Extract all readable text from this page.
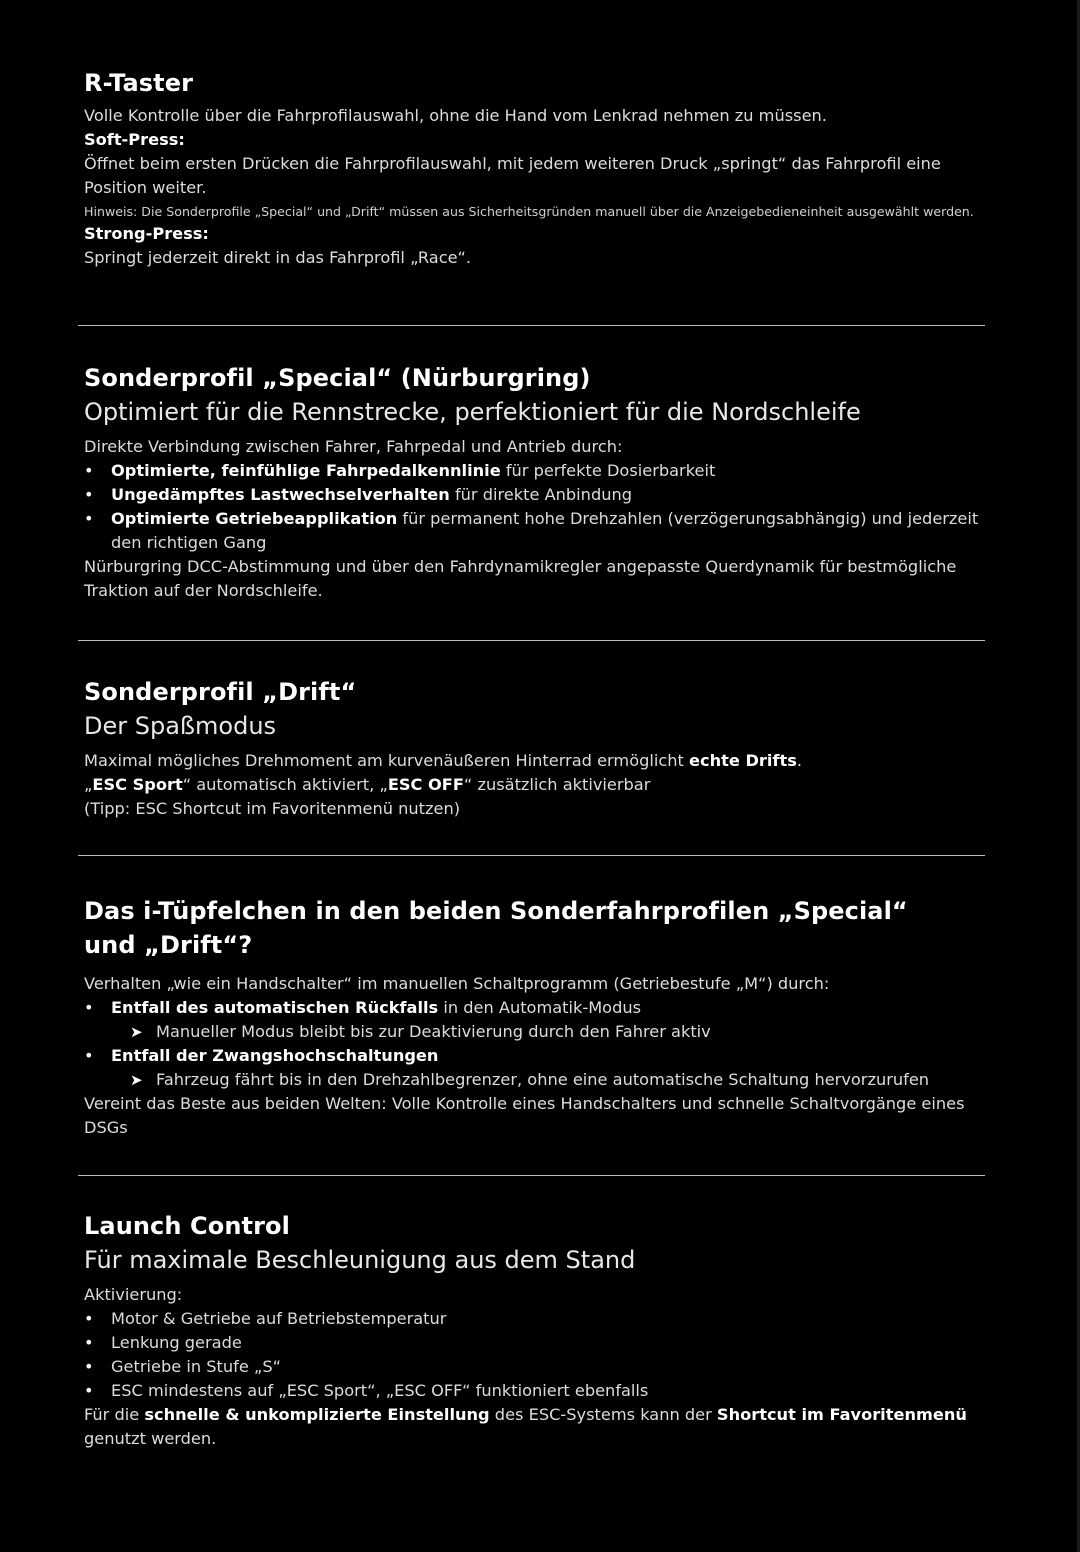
R-Taster

Volle Kontrolle über die Fahrprofilauswahl, ohne die Hand vom Lenkrad nehmen zu müssen.

Soft-Press:

Öffnet beim ersten Drücken die Fahrprofilauswahl, mit jedem weiteren Druck „springt“ das Fahrprofil eine Position weiter.

Hinweis: Die Sonderprofile „Special“ und „Drift“ müssen aus Sicherheitsgründen manuell über die Anzeigebedieneinheit ausgewählt werden.

Strong-Press:

Springt jederzeit direkt in das Fahrprofil „Race“.

Sonderprofil „Special“ (Nürburgring)
Optimiert für die Rennstrecke, perfektioniert für die Nordschleife

Direkte Verbindung zwischen Fahrer, Fahrpedal und Antrieb durch:

• Optimierte, feinfühlige Fahrpedalkennlinie für perfekte Dosierbarkeit
• Ungedämpftes Lastwechselverhalten für direkte Anbindung
• Optimierte Getriebeapplikation für permanent hohe Drehzahlen (verzögerungsabhängig) und jederzeit den richtigen Gang

Nürburgring DCC-Abstimmung und über den Fahrdynamikregler angepasste Querdynamik für bestmögliche Traktion auf der Nordschleife.

Sonderprofil „Drift“
Der Spaßmodus

Maximal mögliches Drehmoment am kurvenäußeren Hinterrad ermöglicht echte Drifts.

„ESC Sport“ automatisch aktiviert, „ESC OFF“ zusätzlich aktivierbar

(Tipp: ESC Shortcut im Favoritenmenü nutzen)

Das i-Tüpfelchen in den beiden Sonderfahrprofilen „Special“ und „Drift“?

Verhalten „wie ein Handschalter“ im manuellen Schaltprogramm (Getriebestufe „M“) durch:

• Entfall des automatischen Rückfalls in den Automatik-Modus
➤ Manueller Modus bleibt bis zur Deaktivierung durch den Fahrer aktiv
• Entfall der Zwangshochschaltungen
➤ Fahrzeug fährt bis in den Drehzahlbegrenzer, ohne eine automatische Schaltung hervorzurufen

Vereint das Beste aus beiden Welten: Volle Kontrolle eines Handschalters und schnelle Schaltvorgänge eines DSGs

Launch Control
Für maximale Beschleunigung aus dem Stand

Aktivierung:

• Motor & Getriebe auf Betriebstemperatur
• Lenkung gerade
• Getriebe in Stufe „S“
• ESC mindestens auf „ESC Sport“, „ESC OFF“ funktioniert ebenfalls

Für die schnelle & unkomplizierte Einstellung des ESC-Systems kann der Shortcut im Favoritenmenü genutzt werden.
